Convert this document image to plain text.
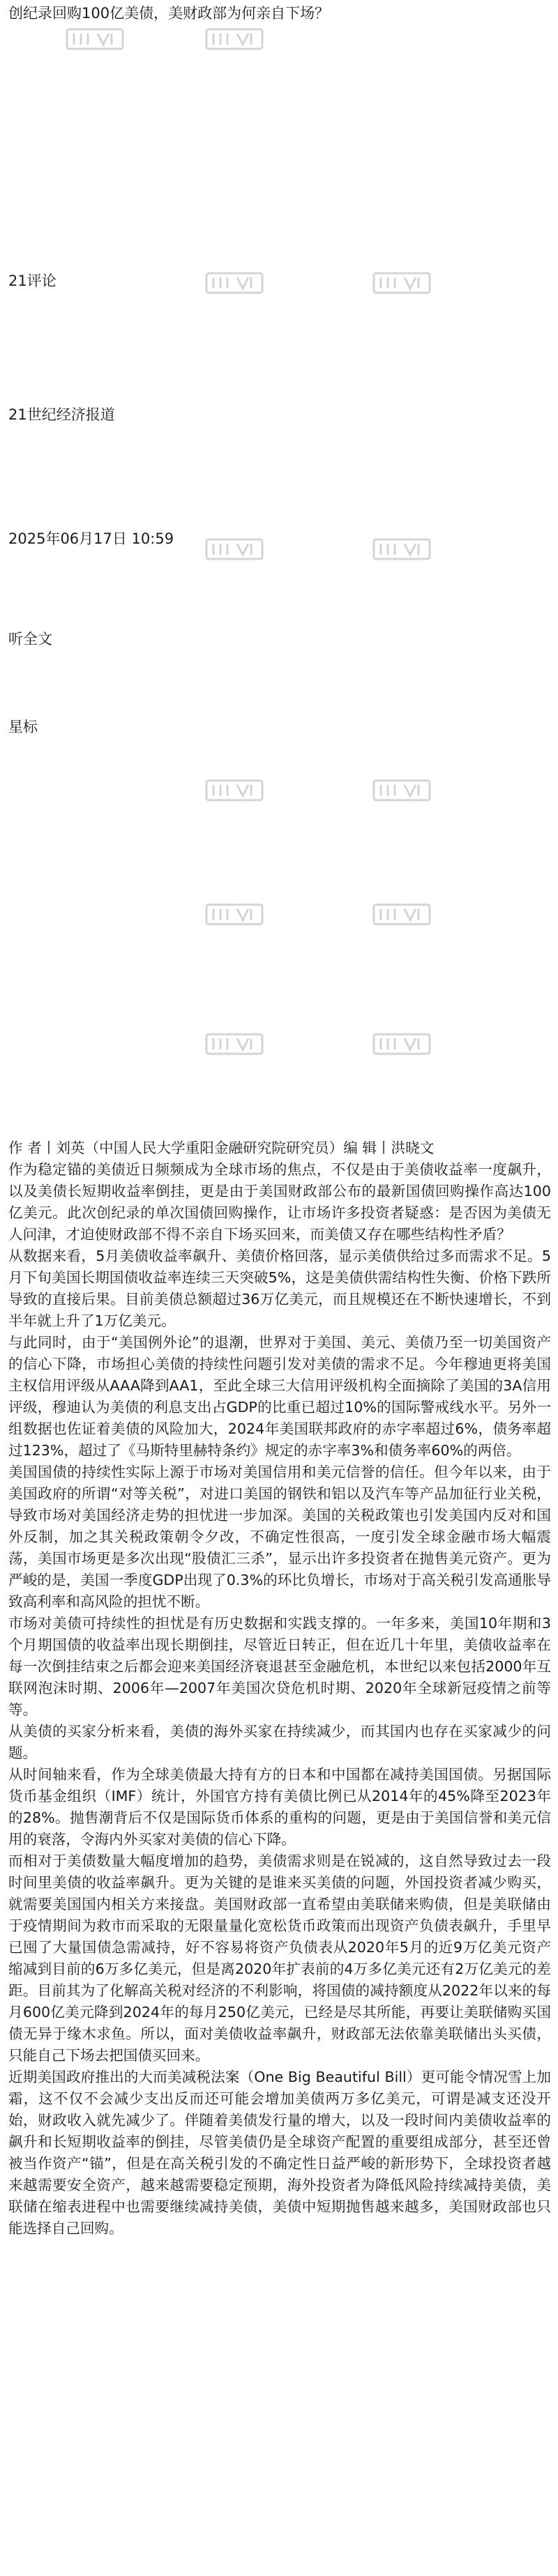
创纪录回购100亿美债，美财政部为何亲自下场？
21评论
21世纪经济报道
2025年06月17日 10:59
听全文
星标

作 者丨刘英（中国人民大学重阳金融研究院研究员）编 辑丨洪晓文

作为稳定锚的美债近日频频成为全球市场的焦点，不仅是由于美债收益率一度飙升，以及美债长短期收益率倒挂，更是由于美国财政部公布的最新国债回购操作高达100亿美元。此次创纪录的单次国债回购操作，让市场许多投资者疑惑：是否因为美债无人问津，才迫使财政部不得不亲自下场买回来，而美债又存在哪些结构性矛盾？

从数据来看，5月美债收益率飙升、美债价格回落，显示美债供给过多而需求不足。5月下旬美国长期国债收益率连续三天突破5%，这是美债供需结构性失衡、价格下跌所导致的直接后果。目前美债总额超过36万亿美元，而且规模还在不断快速增长，不到半年就上升了1万亿美元。

与此同时，由于“美国例外论”的退潮，世界对于美国、美元、美债乃至一切美国资产的信心下降，市场担心美债的持续性问题引发对美债的需求不足。今年穆迪更将美国主权信用评级从AAA降到AA1，至此全球三大信用评级机构全面摘除了美国的3A信用评级，穆迪认为美债的利息支出占GDP的比重已超过10%的国际警戒线水平。另外一组数据也佐证着美债的风险加大，2024年美国联邦政府的赤字率超过6%，债务率超过123%，超过了《马斯特里赫特条约》规定的赤字率3%和债务率60%的两倍。

美国国债的持续性实际上源于市场对美国信用和美元信誉的信任。但今年以来，由于美国政府的所谓“对等关税”，对进口美国的钢铁和铝以及汽车等产品加征行业关税，导致市场对美国经济走势的担忧进一步加深。美国的关税政策也引发美国内反对和国外反制，加之其关税政策朝令夕改，不确定性很高，一度引发全球金融市场大幅震荡，美国市场更是多次出现“股债汇三杀”，显示出许多投资者在抛售美元资产。更为严峻的是，美国一季度GDP出现了0.3%的环比负增长，市场对于高关税引发高通胀导致高利率和高风险的担忧不断。

市场对美债可持续性的担忧是有历史数据和实践支撑的。一年多来，美国10年期和3个月期国债的收益率出现长期倒挂，尽管近日转正，但在近几十年里，美债收益率在每一次倒挂结束之后都会迎来美国经济衰退甚至金融危机，本世纪以来包括2000年互联网泡沫时期、2006年—2007年美国次贷危机时期、2020年全球新冠疫情之前等等。

从美债的买家分析来看，美债的海外买家在持续减少，而其国内也存在买家减少的问题。

从时间轴来看，作为全球美债最大持有方的日本和中国都在减持美国国债。另据国际货币基金组织（IMF）统计，外国官方持有美债比例已从2014年的45%降至2023年的28%。抛售潮背后不仅是国际货币体系的重构的问题，更是由于美国信誉和美元信用的衰落，令海内外买家对美债的信心下降。

而相对于美债数量大幅度增加的趋势，美债需求则是在锐减的，这自然导致过去一段时间里美债的收益率飙升。更为关键的是谁来买美债的问题，外国投资者减少购买，就需要美国国内相关方来接盘。美国财政部一直希望由美联储来购债，但是美联储由于疫情期间为救市而采取的无限量量化宽松货币政策而出现资产负债表飙升，手里早已囤了大量国债急需减持，好不容易将资产负债表从2020年5月的近9万亿美元资产缩减到目前的6万多亿美元，但是离2020年扩表前的4万多亿美元还有2万亿美元的差距。目前其为了化解高关税对经济的不利影响，将国债的减持额度从2022年以来的每月600亿美元降到2024年的每月250亿美元，已经是尽其所能，再要让美联储购买国债无异于缘木求鱼。所以，面对美债收益率飙升，财政部无法依靠美联储出头买债，只能自己下场去把国债买回来。

近期美国政府推出的大而美减税法案（One Big Beautiful Bill）更可能令情况雪上加霜，这不仅不会减少支出反而还可能会增加美债两万多亿美元，可谓是减支还没开始，财政收入就先减少了。伴随着美债发行量的增大，以及一段时间内美债收益率的飙升和长短期收益率的倒挂，尽管美债仍是全球资产配置的重要组成部分，甚至还曾被当作资产“锚”，但是在高关税引发的不确定性日益严峻的新形势下，全球投资者越来越需要安全资产，越来越需要稳定预期，海外投资者为降低风险持续减持美债，美联储在缩表进程中也需要继续减持美债，美债中短期抛售越来越多，美国财政部也只能选择自己回购。
